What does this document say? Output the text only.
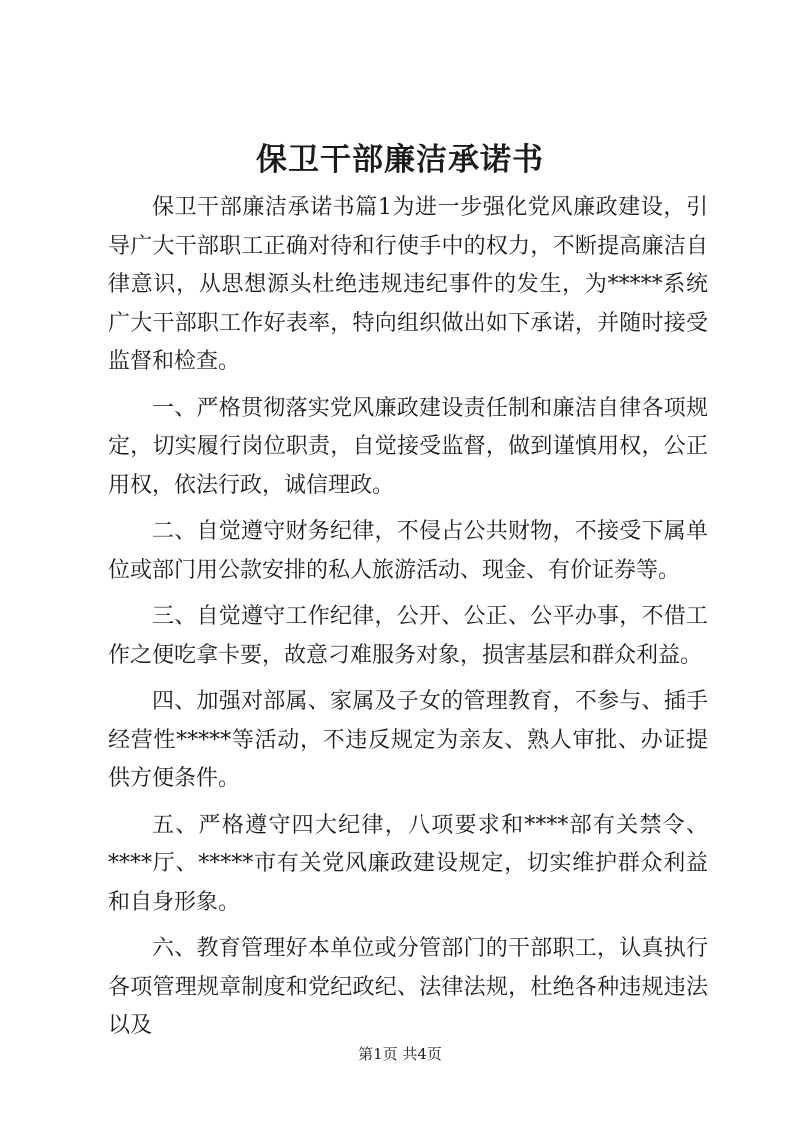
保卫干部廉洁承诺书

保卫干部廉洁承诺书篇1为进一步强化党风廉政建设，引导广大干部职工正确对待和行使手中的权力，不断提高廉洁自律意识，从思想源头杜绝违规违纪事件的发生，为*****系统广大干部职工作好表率，特向组织做出如下承诺，并随时接受监督和检查。

一、严格贯彻落实党风廉政建设责任制和廉洁自律各项规定，切实履行岗位职责，自觉接受监督，做到谨慎用权，公正用权，依法行政，诚信理政。

二、自觉遵守财务纪律，不侵占公共财物，不接受下属单位或部门用公款安排的私人旅游活动、现金、有价证券等。

三、自觉遵守工作纪律，公开、公正、公平办事，不借工作之便吃拿卡要，故意刁难服务对象，损害基层和群众利益。

四、加强对部属、家属及子女的管理教育，不参与、插手经营性*****等活动，不违反规定为亲友、熟人审批、办证提供方便条件。

五、严格遵守四大纪律，八项要求和****部有关禁令、****厅、*****市有关党风廉政建设规定，切实维护群众利益和自身形象。

六、教育管理好本单位或分管部门的干部职工，认真执行各项管理规章制度和党纪政纪、法律法规，杜绝各种违规违法以及

第1页 共4页
